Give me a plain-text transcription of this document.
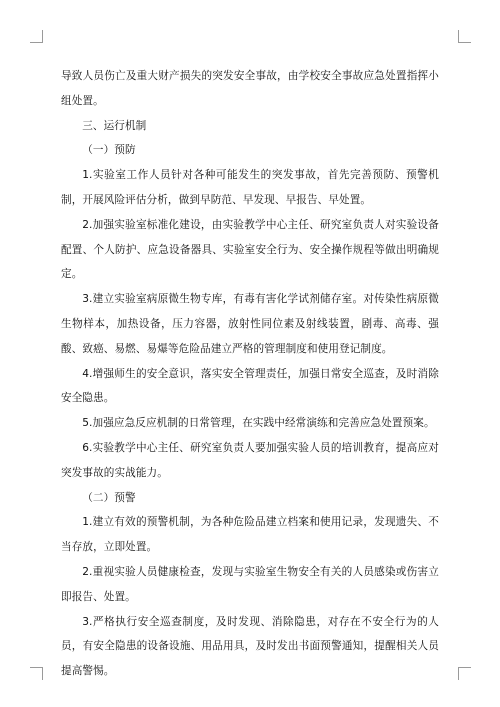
导致人员伤亡及重大财产损失的突发安全事故，由学校安全事故应急处置指挥小组处置。

三、运行机制

（一）预防

1.实验室工作人员针对各种可能发生的突发事故，首先完善预防、预警机制，开展风险评估分析，做到早防范、早发现、早报告、早处置。

2.加强实验室标准化建设，由实验教学中心主任、研究室负责人对实验设备配置、个人防护、应急设备器具、实验室安全行为、安全操作规程等做出明确规定。

3.建立实验室病原微生物专库，有毒有害化学试剂储存室。对传染性病原微生物样本，加热设备，压力容器，放射性同位素及射线装置，剧毒、高毒、强酸、致癌、易燃、易爆等危险品建立严格的管理制度和使用登记制度。

4.增强师生的安全意识，落实安全管理责任，加强日常安全巡查，及时消除安全隐患。

5.加强应急反应机制的日常管理，在实践中经常演练和完善应急处置预案。

6.实验教学中心主任、研究室负责人要加强实验人员的培训教育，提高应对突发事故的实战能力。

（二）预警

1.建立有效的预警机制，为各种危险品建立档案和使用记录，发现遗失、不当存放，立即处置。

2.重视实验人员健康检查，发现与实验室生物安全有关的人员感染或伤害立即报告、处置。

3.严格执行安全巡查制度，及时发现、消除隐患，对存在不安全行为的人员，有安全隐患的设备设施、用品用具，及时发出书面预警通知，提醒相关人员提高警惕。
